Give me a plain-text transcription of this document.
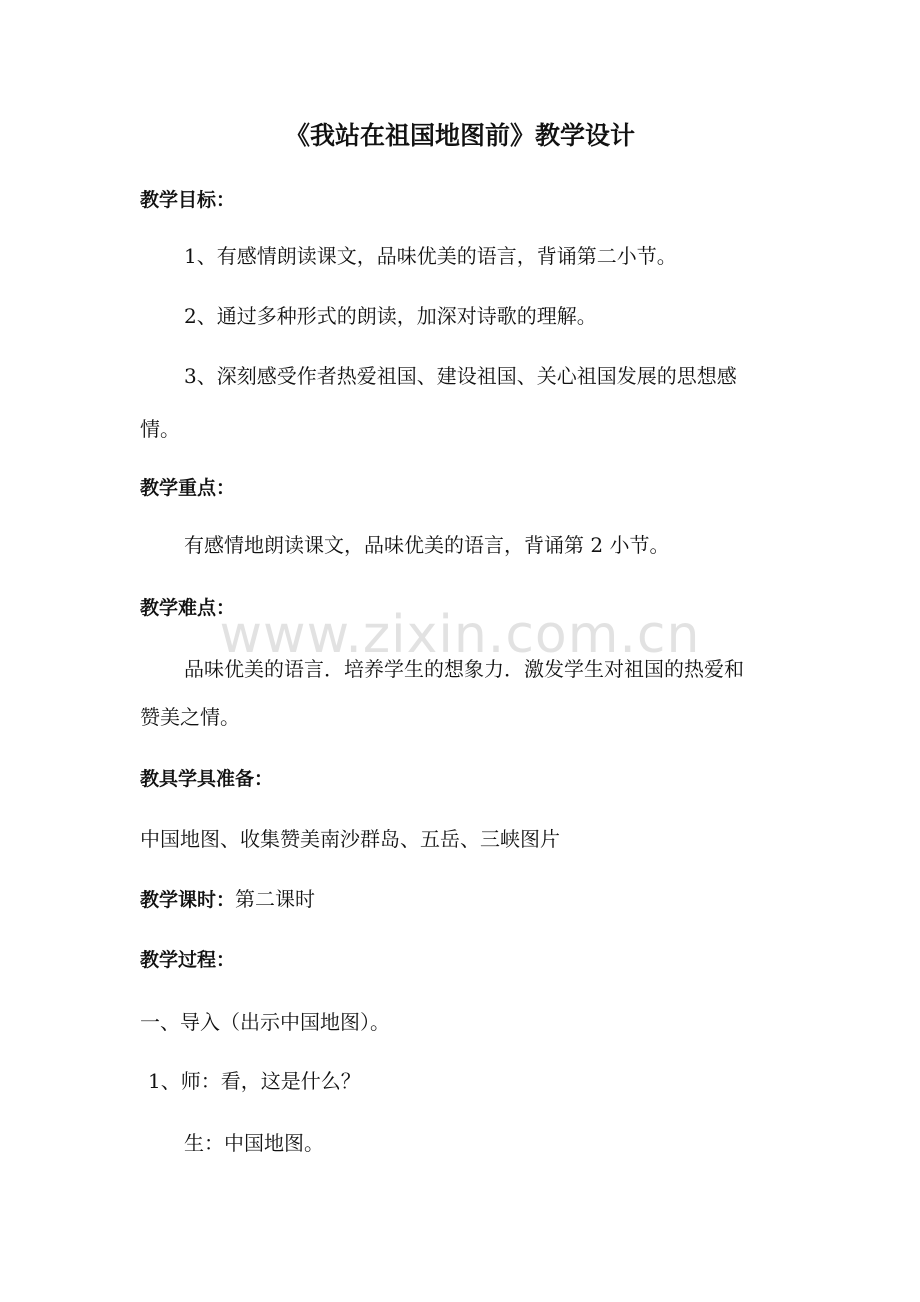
www.zixin.com.cn
《我站在祖国地图前》教学设计
教学目标：
1、有感情朗读课文，品味优美的语言，背诵第二小节。
2、通过多种形式的朗读，加深对诗歌的理解。
3、深刻感受作者热爱祖国、建设祖国、关心祖国发展的思想感
情。
教学重点：
有感情地朗读课文，品味优美的语言，背诵第 2 小节。
教学难点：
品味优美的语言．培养学生的想象力．激发学生对祖国的热爱和
赞美之情。
教具学具准备：
中国地图、收集赞美南沙群岛、五岳、三峡图片
教学课时：第二课时
教学过程：
一、导入（出示中国地图）。
1、师：看，这是什么？
生：中国地图。
